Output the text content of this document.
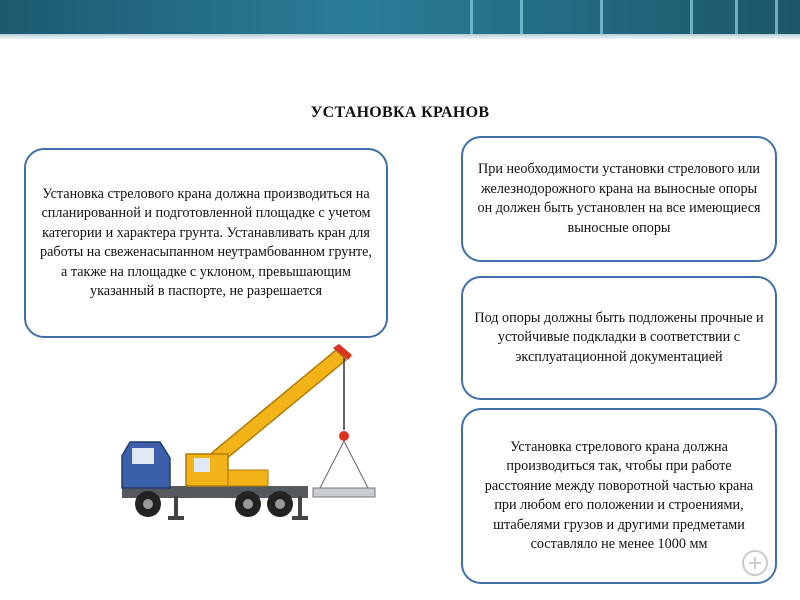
УСТАНОВКА КРАНОВ
Установка стрелового крана должна производиться на спланированной и подготовленной площадке с учетом категории и характера грунта. Устанавливать кран для работы на свеженасыпанном неутрамбованном грунте, а также на площадке с уклоном, превышающим указанный в паспорте, не разрешается
При необходимости установки стрелового или железнодорожного крана на выносные опоры он должен быть установлен на все имеющиеся выносные опоры
Под опоры должны быть подложены прочные и устойчивые подкладки в соответствии с эксплуатационной документацией
Установка стрелового крана должна производиться так, чтобы при работе расстояние между поворотной частью крана при любом его положении и строениями, штабелями грузов и другими предметами составляло не менее 1000 мм
